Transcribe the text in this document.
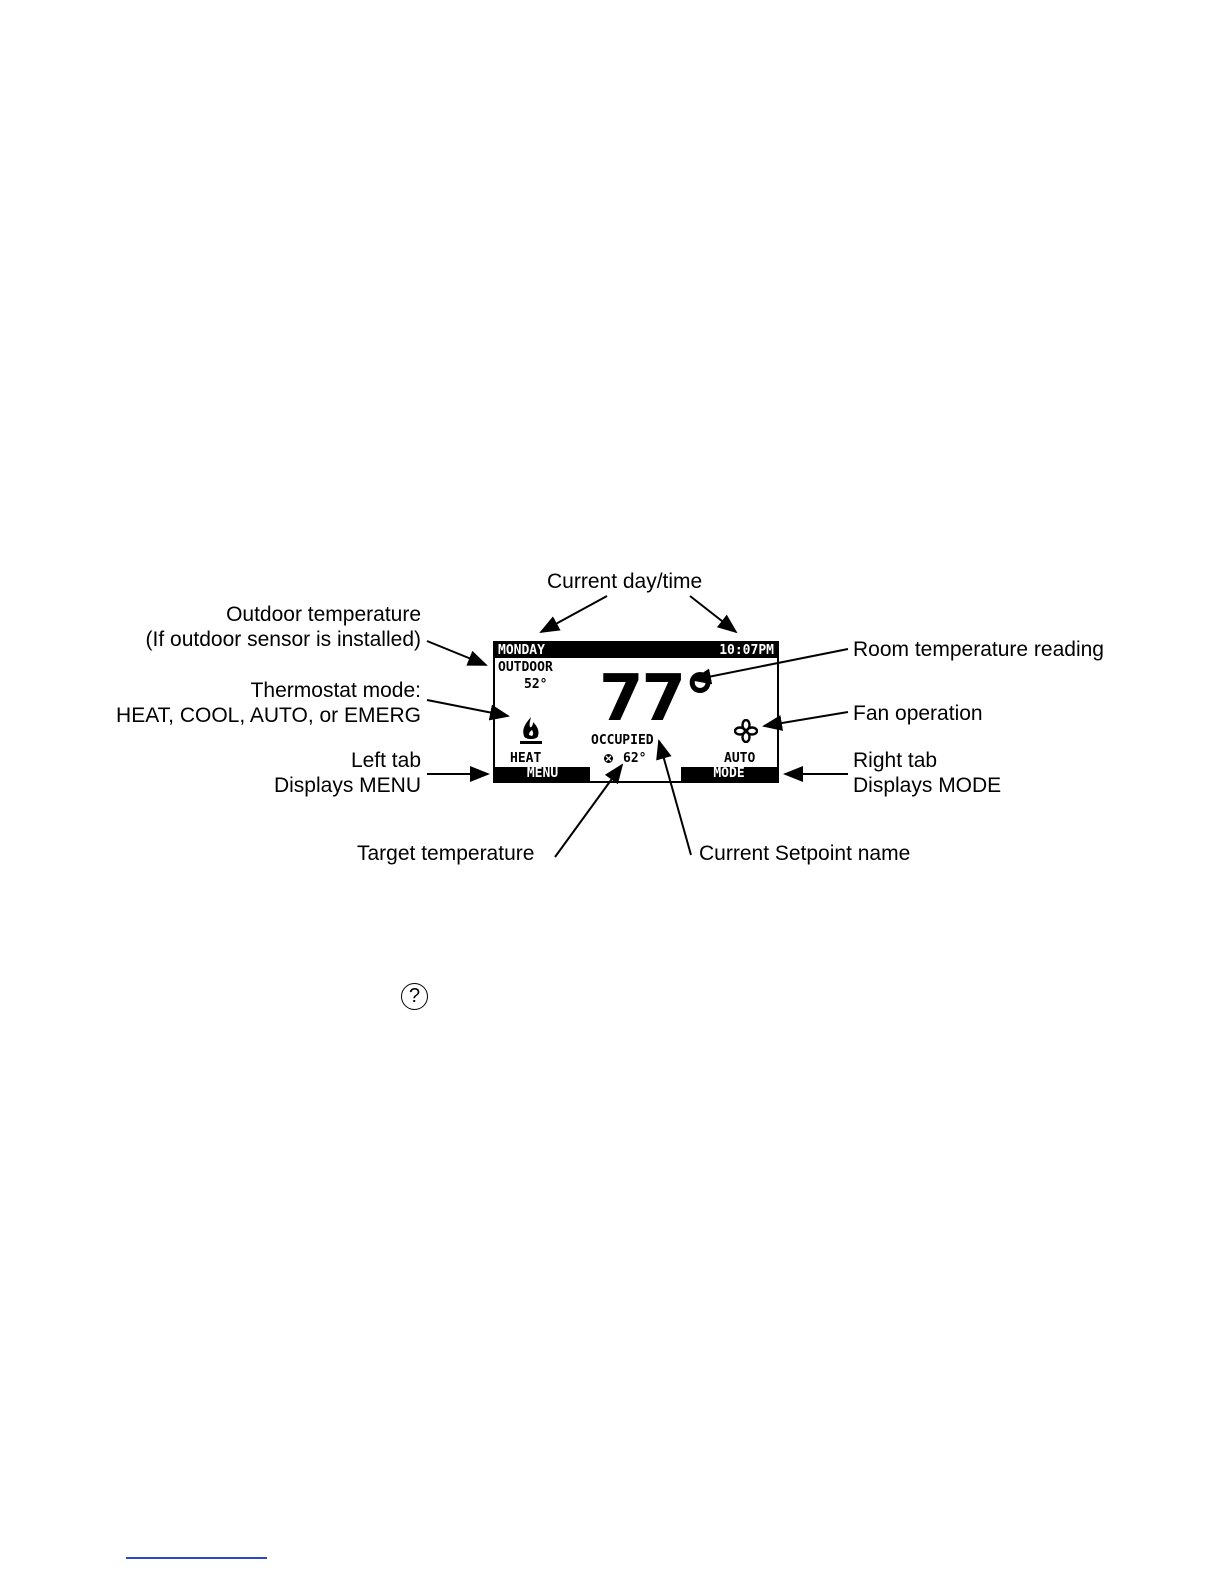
Current day/time
Outdoor temperature
(If outdoor sensor is installed)	Room temperature reading
Thermostat mode:
HEAT, COOL, AUTO, or EMERG	Fan operation
Left tab
Displays MENU
Right tab
Displays MODE
Target temperature	Current Setpoint name
MONDAY	10:07PM
OUTDOOR
52° 77°
HEAT
OCCUPIED
62°	AUTO
MENU	MODE
?
